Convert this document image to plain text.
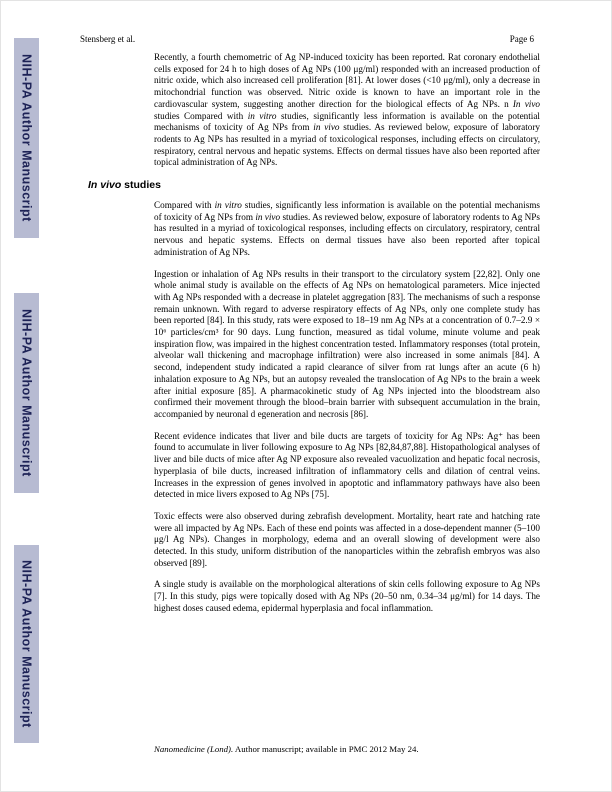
NIH-PA Author Manuscript
NIH-PA Author Manuscript
NIH-PA Author Manuscript
Stensberg et al.	Page 6
Recently, a fourth chemometric of Ag NP-induced toxicity has been reported. Rat coronary endothelial cells exposed for 24 h to high doses of Ag NPs (100 μg/ml) responded with an increased production of nitric oxide, which also increased cell proliferation [81]. At lower doses (<10 μg/ml), only a decrease in mitochondrial function was observed. Nitric oxide is known to have an important role in the cardiovascular system, suggesting another direction for the biological effects of Ag NPs. n In vivo studies Compared with in vitro studies, significantly less information is available on the potential mechanisms of toxicity of Ag NPs from in vivo studies. As reviewed below, exposure of laboratory rodents to Ag NPs has resulted in a myriad of toxicological responses, including effects on circulatory, respiratory, central nervous and hepatic systems. Effects on dermal tissues have also been reported after topical administration of Ag NPs.
In vivo studies
Compared with in vitro studies, significantly less information is available on the potential mechanisms of toxicity of Ag NPs from in vivo studies. As reviewed below, exposure of laboratory rodents to Ag NPs has resulted in a myriad of toxicological responses, including effects on circulatory, respiratory, central nervous and hepatic systems. Effects on dermal tissues have also been reported after topical administration of Ag NPs.
Ingestion or inhalation of Ag NPs results in their transport to the circulatory system [22,82]. Only one whole animal study is available on the effects of Ag NPs on hematological parameters. Mice injected with Ag NPs responded with a decrease in platelet aggregation [83]. The mechanisms of such a response remain unknown. With regard to adverse respiratory effects of Ag NPs, only one complete study has been reported [84]. In this study, rats were exposed to 18–19 nm Ag NPs at a concentration of 0.7–2.9 × 10⁶ particles/cm³ for 90 days. Lung function, measured as tidal volume, minute volume and peak inspiration flow, was impaired in the highest concentration tested. Inflammatory responses (total protein, alveolar wall thickening and macrophage infiltration) were also increased in some animals [84]. A second, independent study indicated a rapid clearance of silver from rat lungs after an acute (6 h) inhalation exposure to Ag NPs, but an autopsy revealed the translocation of Ag NPs to the brain a week after initial exposure [85]. A pharmacokinetic study of Ag NPs injected into the bloodstream also confirmed their movement through the blood–brain barrier with subsequent accumulation in the brain, accompanied by neuronal d egeneration and necrosis [86].
Recent evidence indicates that liver and bile ducts are targets of toxicity for Ag NPs: Ag⁺ has been found to accumulate in liver following exposure to Ag NPs [82,84,87,88]. Histopathological analyses of liver and bile ducts of mice after Ag NP exposure also revealed vacuolization and hepatic focal necrosis, hyperplasia of bile ducts, increased infiltration of inflammatory cells and dilation of central veins. Increases in the expression of genes involved in apoptotic and inflammatory pathways have also been detected in mice livers exposed to Ag NPs [75].
Toxic effects were also observed during zebrafish development. Mortality, heart rate and hatching rate were all impacted by Ag NPs. Each of these end points was affected in a dose-dependent manner (5–100 μg/l Ag NPs). Changes in morphology, edema and an overall slowing of development were also detected. In this study, uniform distribution of the nanoparticles within the zebrafish embryos was also observed [89].
A single study is available on the morphological alterations of skin cells following exposure to Ag NPs [7]. In this study, pigs were topically dosed with Ag NPs (20–50 nm, 0.34–34 μg/ml) for 14 days. The highest doses caused edema, epidermal hyperplasia and focal inflammation.
Nanomedicine (Lond). Author manuscript; available in PMC 2012 May 24.
